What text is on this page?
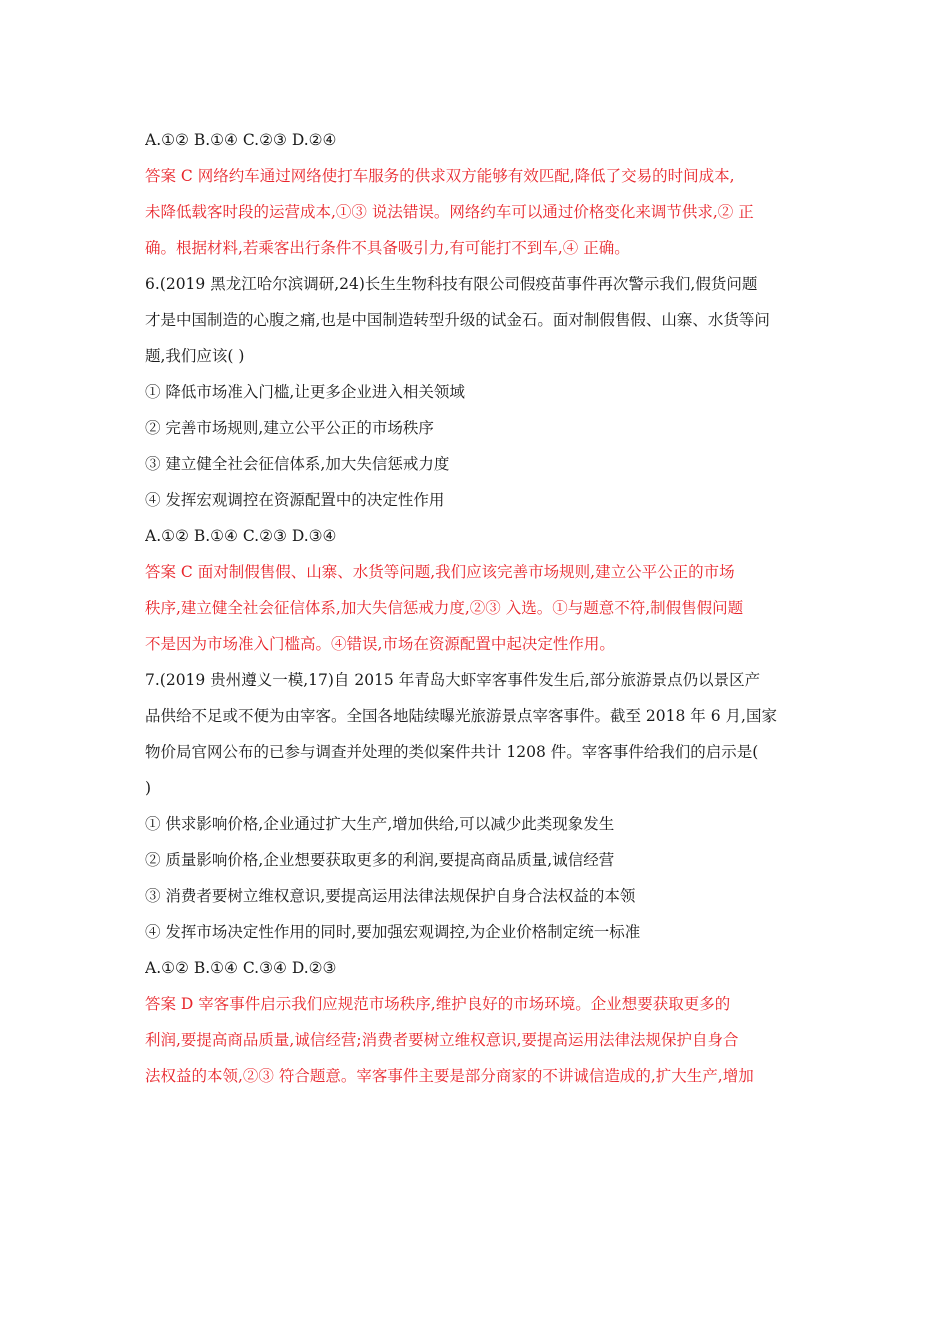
A.①② B.①④ C.②③ D.②④
答案 C 网络约车通过网络使打车服务的供求双方能够有效匹配,降低了交易的时间成本,
未降低载客时段的运营成本,①③ 说法错误。网络约车可以通过价格变化来调节供求,② 正
确。根据材料,若乘客出行条件不具备吸引力,有可能打不到车,④ 正确。
6.(2019 黑龙江哈尔滨调研,24)长生生物科技有限公司假疫苗事件再次警示我们,假货问题
才是中国制造的心腹之痛,也是中国制造转型升级的试金石。面对制假售假、山寨、水货等问
题,我们应该( )
① 降低市场准入门槛,让更多企业进入相关领域
② 完善市场规则,建立公平公正的市场秩序
③ 建立健全社会征信体系,加大失信惩戒力度
④ 发挥宏观调控在资源配置中的决定性作用
A.①② B.①④ C.②③ D.③④
答案 C 面对制假售假、山寨、水货等问题,我们应该完善市场规则,建立公平公正的市场
秩序,建立健全社会征信体系,加大失信惩戒力度,②③ 入选。①与题意不符,制假售假问题
不是因为市场准入门槛高。④错误,市场在资源配置中起决定性作用。
7.(2019 贵州遵义一模,17)自 2015 年青岛大虾宰客事件发生后,部分旅游景点仍以景区产
品供给不足或不便为由宰客。全国各地陆续曝光旅游景点宰客事件。截至 2018 年 6 月,国家
物价局官网公布的已参与调查并处理的类似案件共计 1208 件。宰客事件给我们的启示是(
)
① 供求影响价格,企业通过扩大生产,增加供给,可以减少此类现象发生
② 质量影响价格,企业想要获取更多的利润,要提高商品质量,诚信经营
③ 消费者要树立维权意识,要提高运用法律法规保护自身合法权益的本领
④ 发挥市场决定性作用的同时,要加强宏观调控,为企业价格制定统一标准
A.①② B.①④ C.③④ D.②③
答案 D 宰客事件启示我们应规范市场秩序,维护良好的市场环境。企业想要获取更多的
利润,要提高商品质量,诚信经营;消费者要树立维权意识,要提高运用法律法规保护自身合
法权益的本领,②③ 符合题意。宰客事件主要是部分商家的不讲诚信造成的,扩大生产,增加
